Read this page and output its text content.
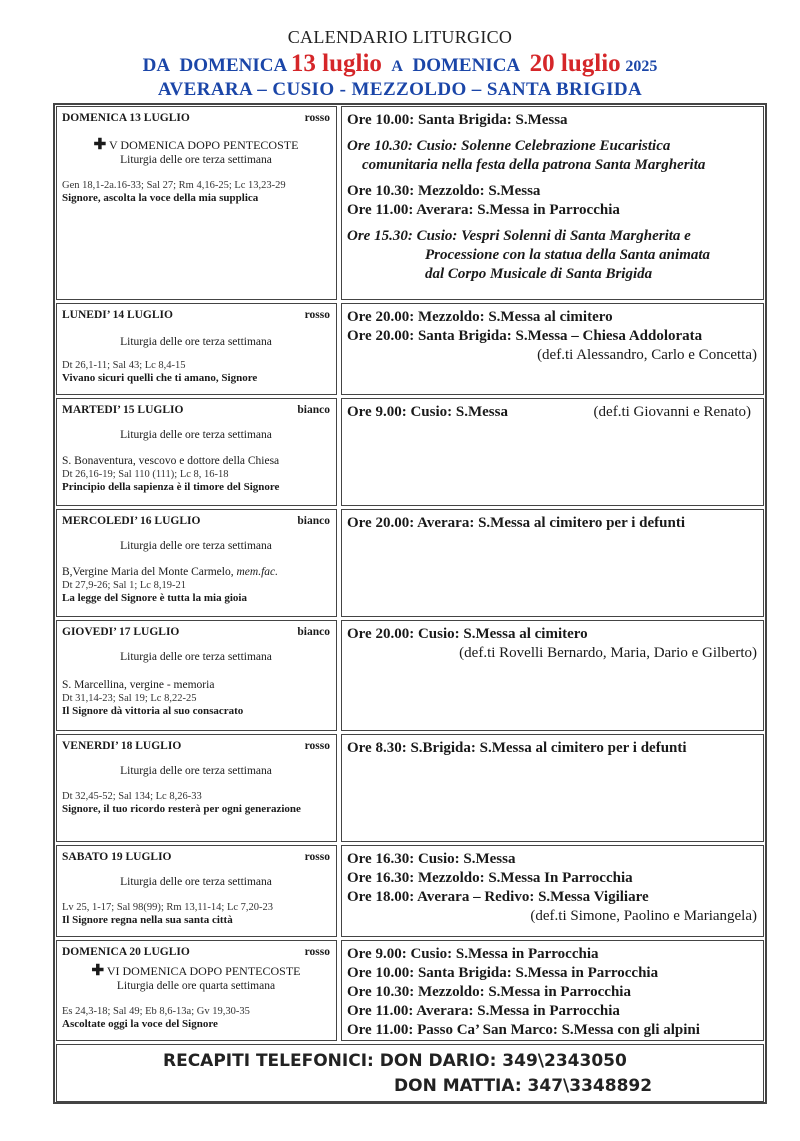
CALENDARIO LITURGICO
DA DOMENICA 13 luglio A DOMENICA 20 luglio 2025
AVERARA – CUSIO - MEZZOLDO – SANTA BRIGIDA
DOMENICA 13 LUGLIO	rosso
✚ V DOMENICA DOPO PENTECOSTE
Liturgia delle ore terza settimana
Gen 18,1-2a.16-33; Sal 27; Rm 4,16-25; Lc 13,23-29
Signore, ascolta la voce della mia supplica
Ore 10.00: Santa Brigida: S.Messa
Ore 10.30: Cusio: Solenne Celebrazione Eucaristica
comunitaria nella festa della patrona Santa Margherita
Ore 10.30: Mezzoldo: S.Messa
Ore 11.00: Averara: S.Messa in Parrocchia
Ore 15.30: Cusio: Vespri Solenni di Santa Margherita e
Processione con la statua della Santa animata
dal Corpo Musicale di Santa Brigida
LUNEDI’ 14 LUGLIO	rosso
Liturgia delle ore terza settimana
Dt 26,1-11; Sal 43; Lc 8,4-15
Vivano sicuri quelli che ti amano, Signore
Ore 20.00: Mezzoldo: S.Messa al cimitero
Ore 20.00: Santa Brigida: S.Messa – Chiesa Addolorata
(def.ti Alessandro, Carlo e Concetta)
MARTEDI’ 15 LUGLIO	bianco
Liturgia delle ore terza settimana
S. Bonaventura, vescovo e dottore della Chiesa
Dt 26,16-19; Sal 110 (111); Lc 8, 16-18
Principio della sapienza è il timore del Signore
Ore 9.00: Cusio: S.Messa	(def.ti Giovanni e Renato)
MERCOLEDI’ 16 LUGLIO	bianco
Liturgia delle ore terza settimana
B,Vergine Maria del Monte Carmelo, mem.fac.
Dt 27,9-26; Sal 1; Lc 8,19-21
La legge del Signore è tutta la mia gioia
Ore 20.00: Averara: S.Messa al cimitero per i defunti
GIOVEDI’ 17 LUGLIO	bianco
Liturgia delle ore terza settimana
S. Marcellina, vergine - memoria
Dt 31,14-23; Sal 19; Lc 8,22-25
Il Signore dà vittoria al suo consacrato
Ore 20.00: Cusio: S.Messa al cimitero
(def.ti Rovelli Bernardo, Maria, Dario e Gilberto)
VENERDI’ 18 LUGLIO	rosso
Liturgia delle ore terza settimana
Dt 32,45-52; Sal 134; Lc 8,26-33
Signore, il tuo ricordo resterà per ogni generazione
Ore 8.30: S.Brigida: S.Messa al cimitero per i defunti
SABATO 19 LUGLIO	rosso
Liturgia delle ore terza settimana
Lv 25, 1-17; Sal 98(99); Rm 13,11-14; Lc 7,20-23
Il Signore regna nella sua santa città
Ore 16.30: Cusio: S.Messa
Ore 16.30: Mezzoldo: S.Messa In Parrocchia
Ore 18.00: Averara – Redivo: S.Messa Vigiliare
(def.ti Simone, Paolino e Mariangela)
DOMENICA 20 LUGLIO	rosso
✚ VI DOMENICA DOPO PENTECOSTE
Liturgia delle ore quarta settimana
Es 24,3-18; Sal 49; Eb 8,6-13a; Gv 19,30-35
Ascoltate oggi la voce del Signore
Ore 9.00: Cusio: S.Messa in Parrocchia
Ore 10.00: Santa Brigida: S.Messa in Parrocchia
Ore 10.30: Mezzoldo: S.Messa in Parrocchia
Ore 11.00: Averara: S.Messa in Parrocchia
Ore 11.00: Passo Ca’ San Marco: S.Messa con gli alpini
RECAPITI TELEFONICI: DON DARIO: 349\2343050
DON MATTIA: 347\3348892
